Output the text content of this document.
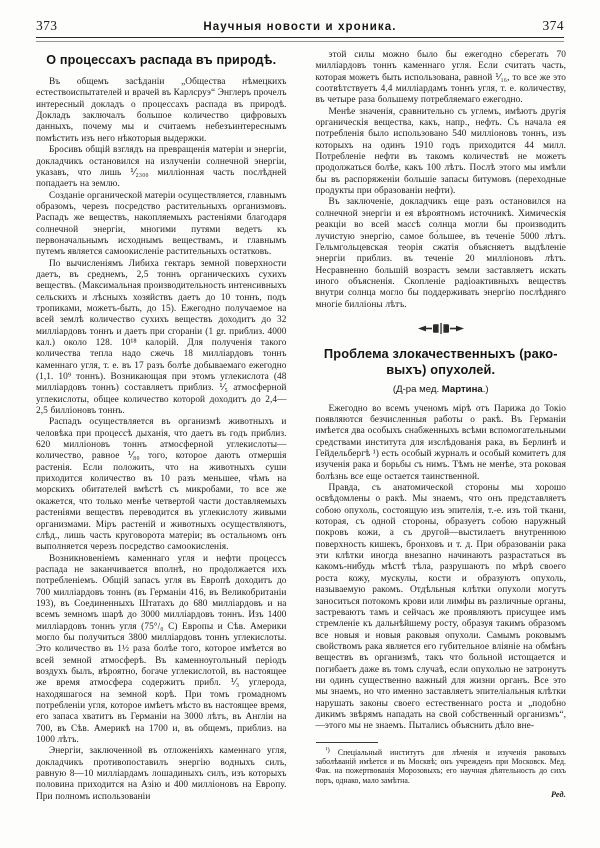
373	Научныя новости и хроника.	374
О процессахъ распада въ природѣ.

Въ общемъ засѣданіи „Общества нѣмецкихъ естествоиспытателей и врачей въ Карлсруэ“ Энглеръ прочелъ интересный докладъ о процессахъ распада въ природѣ. Докладъ заключалъ большое количество цифровыхъ данныхъ, почему мы и считаемъ небезъинтереснымъ помѣстить изъ него нѣкоторыя выдержки.

Бросивъ общій взглядъ на превращенія матеріи и энергіи, докладчикъ остановился на излученіи солнечной энергіи, указавъ, что лишь ⅟₂₃₀₀ милліонная часть послѣдней попадаетъ на землю.

Созданіе органической матеріи осуществляется, главнымъ образомъ, черезъ посредство растительныхъ организмовъ. Распадъ же веществъ, накопляемыхъ растеніями благодаря солнечной энергіи, многими путями ведетъ къ первоначальнымъ исходнымъ веществамъ, и главнымъ путемъ является самоокисленіе растительныхъ остатковъ.

По вычисленіямъ Либиха гектаръ земной поверхности даетъ, въ среднемъ, 2,5 тоннъ органическихъ сухихъ веществъ. (Максимальная производительность интенсивныхъ сельскихъ и лѣсныхъ хозяйствъ даетъ до 10 тоннъ, подъ тропиками, можетъ-быть, до 15). Ежегодно получаемое на всей землѣ количество сухихъ веществъ доходитъ до 32 милліардовъ тоннъ и даетъ при сгораніи (1 gr. приблиз. 4000 кал.) около 128. 10¹⁸ калорій. Для полученія такого количества тепла надо сжечь 18 милліардовъ тоннъ каменнаго угля, т. е. въ 17 разъ болѣе добываемаго ежегодно (1,1. 10⁹ тоннъ). Возникающая при этомъ углекислота (48 милліардовъ тоннъ) составляетъ приблиз. ⅟₅ атмосферной углекислоты, общее количество которой доходитъ до 2,4—2,5 билліоновъ тоннъ.

Распадъ осуществляется въ организмѣ животныхъ и человѣка при процессѣ дыханія, что даетъ въ годъ приблиз. 620 милліоновъ тоннъ атмосферной углекислоты—количество, равное ⅟₈₀ того, которое даютъ отмершія растенія. Если положить, что на животныхъ суши приходится количество въ 10 разъ меньшее, чѣмъ на морскихъ обитателей вмѣстѣ съ микробами, то все же окажется, что только менѣе четвертой части доставляемыхъ растеніями веществъ переводится въ углекислоту живыми организмами. Міръ растеній и животныхъ осуществляютъ, слѣд., лишь часть круговорота матеріи; въ остальномъ онъ выполняется черезъ посредство самоокисленія.

Возникновеніемъ каменнаго угля и нефти процессъ распада не заканчивается вполнѣ, но продолжается ихъ потребленіемъ. Общій запасъ угля въ Европѣ доходитъ до 700 милліардовъ тоннъ (въ Германіи 416, въ Великобританіи 193), въ Соединенныхъ Штатахъ до 680 милліардовъ и на всемъ земномъ шарѣ до 3000 милліардовъ тоннъ. Изъ 1400 милліардовъ тоннъ угля (75°/₀ С) Европы и Сѣв. Америки могло бы получиться 3800 милліардовъ тоннъ углекислоты. Это количество въ 1½ раза болѣе того, которое имѣется во всей земной атмосферѣ. Въ каменноугольный періодъ воздухъ былъ, вѣроятно, богаче углекислотой, въ настоящее же время атмосфера содержитъ прибл. ⅟₃ углерода, находяшагося на земной корѣ. При томъ громадномъ потребленіи угля, которое имѣетъ мѣсто въ настоящее время, его запаса хватитъ въ Германіи на 3000 лѣтъ, въ Англіи на 700, въ Сѣв. Америкѣ на 1700 и, въ общемъ, приблиз. на 1000 лѣтъ.

Энергіи, заключенной въ отложеніяхъ каменнаго угля, докладчикъ противопоставилъ энергію водныхъ силъ, равную 8—10 милліардамъ лошадиныхъ силъ, изъ которыхъ половина приходится на Азію и 400 милліоновъ на Европу. При полномъ использованіи

этой силы можно было бы ежегодно сберегать 70 милліардовъ тоннъ каменнаго угля. Если считать часть, которая можетъ быть использована, равной ⅟₁₆, то все же это соотвѣтствуетъ 4,4 милліардамъ тоннъ угля, т. е. количеству, въ четыре раза большему потребляемаго ежегодно.

Менѣе значенія, сравнительно съ углемъ, имѣютъ другія органическія вещества, какъ, напр., нефть. Съ начала ея потребленія было использовано 540 милліоновъ тоннъ, изъ которыхъ на одинъ 1910 годъ приходится 44 милл. Потребленіе нефти въ такомъ количествѣ не можетъ продолжаться болѣе, какъ 100 лѣтъ. Послѣ этого мы имѣли бы въ распоряженіи большіе запасы битумовъ (переходные продукты при образованіи нефти).

Въ заключеніе, докладчикъ еще разъ остановился на солнечной энергіи и ея вѣроятномъ источникѣ. Химическія реакціи во всей массѣ солнца могли бы производить лучистую энергію, самое бо́льшее, въ теченіе 5000 лѣтъ. Гельмгольцевская теорія сжатія объясняетъ выдѣленіе энергіи приблиз. въ теченіе 20 милліоновъ лѣтъ. Несравненно большій возрастъ земли заставляетъ искать иного объясненія. Скопленіе радіоактивныхъ веществъ внутри солнца могло бы поддерживать энергію послѣдняго многіе билліоны лѣтъ.

Проблема злокачественныхъ (рако-
выхъ) опухолей.
(Д-ра мед. Мартина.)

Ежегодно во всемъ ученомъ мірѣ отъ Парижа до Токіо появляются безчисленныя работы о ракѣ. Въ Германіи имѣется два особыхъ снабженныхъ всѣми вспомогательными средствами института для изслѣдованія рака, въ Берлинѣ и Гейдельбергѣ ¹) есть особый журналъ и особый комитетъ для изученія рака и борьбы съ нимъ. Тѣмъ не менѣе, эта роковая болѣзнь все еще остается таинственной.

Правда, съ анатомической стороны мы хорошо освѣдомлены о ракѣ. Мы знаемъ, что онъ представляетъ собою опухоль, состоящую изъ эпителія, т.-е. изъ той ткани, которая, съ одной стороны, образуетъ собою наружный покровъ кожи, а съ другой—выстилаетъ внутреннюю поверхность кишекъ, бронховъ и т. д. При образованіи рака эти клѣтки иногда внезапно начинаютъ разрастаться въ какомъ-нибудь мѣстѣ тѣла, разрушаютъ по мѣрѣ своего роста кожу, мускулы, кости и образуютъ опухоль, называемую ракомъ. Отдѣльныя клѣтки опухоли могутъ заноситься потокомъ крови или лимфы въ различные органы, застреваютъ тамъ и сейчасъ же проявляютъ присущее имъ стремленіе къ дальнѣйшему росту, образуя такимъ образомъ все новыя и новыя раковыя опухоли. Самымъ роковымъ свойствомъ рака является его губительное вліяніе на обмѣнъ веществъ въ организмѣ, такъ что больной истощается и погибаетъ даже въ томъ случаѣ, если опухолью не затронутъ ни одинъ существенно важный для жизни органъ. Все это мы знаемъ, но что именно заставляетъ эпителіальныя клѣтки нарушать законы своего естественнаго роста и „подобно дикимъ звѣрямъ нападать на свой собственный организмъ“,—этого мы не знаемъ. Пытались объяснить дѣло вне-

$^{^1)}$ Спеціальный институтъ для лѣченія и изученія раковыхъ заболѣваній имѣется и въ Москвѣ; онъ учрежденъ при Московск. Мед. Фак. на пожертвованія Морозовыхъ; его научная дѣятельность до сихъ поръ, однако, мало замѣтна.

Ред.
